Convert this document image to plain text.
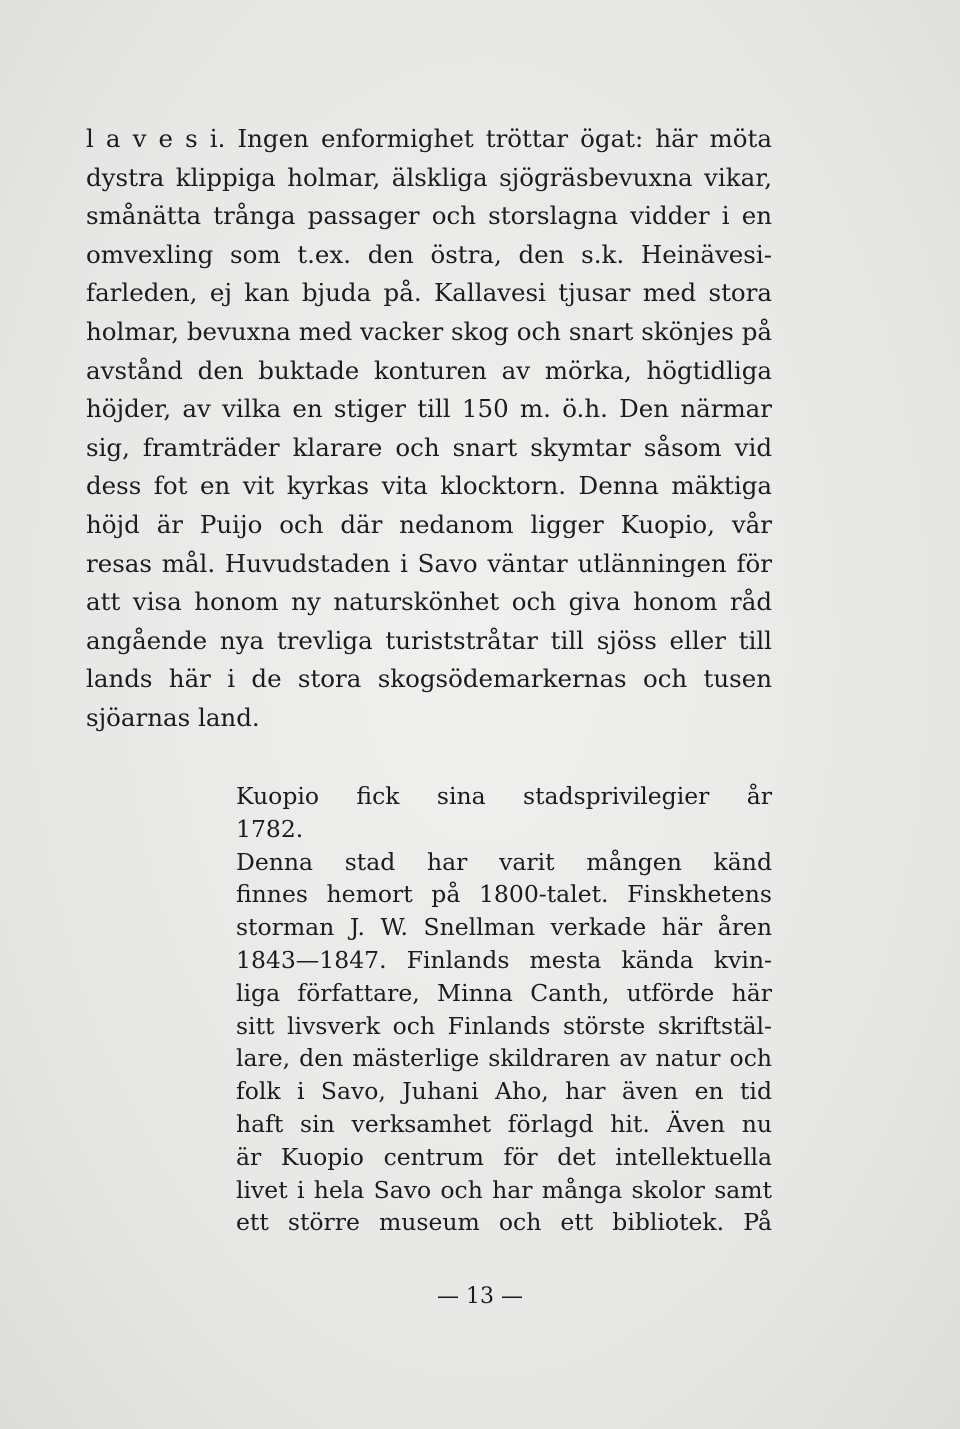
l a v e s i. Ingen enformighet tröttar ögat: här möta
dystra klippiga holmar, älskliga sjögräsbevuxna vikar,
smånätta trånga passager och storslagna vidder i en
omvexling som t.ex. den östra, den s.k. Heinävesi-
farleden, ej kan bjuda på. Kallavesi tjusar med stora
holmar, bevuxna med vacker skog och snart skönjes på
avstånd den buktade konturen av mörka, högtidliga
höjder, av vilka en stiger till 150 m. ö.h. Den närmar
sig, framträder klarare och snart skymtar såsom vid
dess fot en vit kyrkas vita klocktorn. Denna mäktiga
höjd är Puijo och där nedanom ligger Kuopio, vår
resas mål. Huvudstaden i Savo väntar utlänningen för
att visa honom ny naturskönhet och giva honom råd
angående nya trevliga turiststråtar till sjöss eller till
lands här i de stora skogsödemarkernas och tusen
sjöarnas land.
Kuopio fick sina stadsprivilegier år
1782.
Denna stad har varit mången känd
finnes hemort på 1800-talet. Finskhetens
storman J. W. Snellman verkade här åren
1843—1847. Finlands mesta kända kvin-
liga författare, Minna Canth, utförde här
sitt livsverk och Finlands störste skriftstäl-
lare, den mästerlige skildraren av natur och
folk i Savo, Juhani Aho, har även en tid
haft sin verksamhet förlagd hit. Även nu
är Kuopio centrum för det intellektuella
livet i hela Savo och har många skolor samt
ett större museum och ett bibliotek. På
— 13 —
